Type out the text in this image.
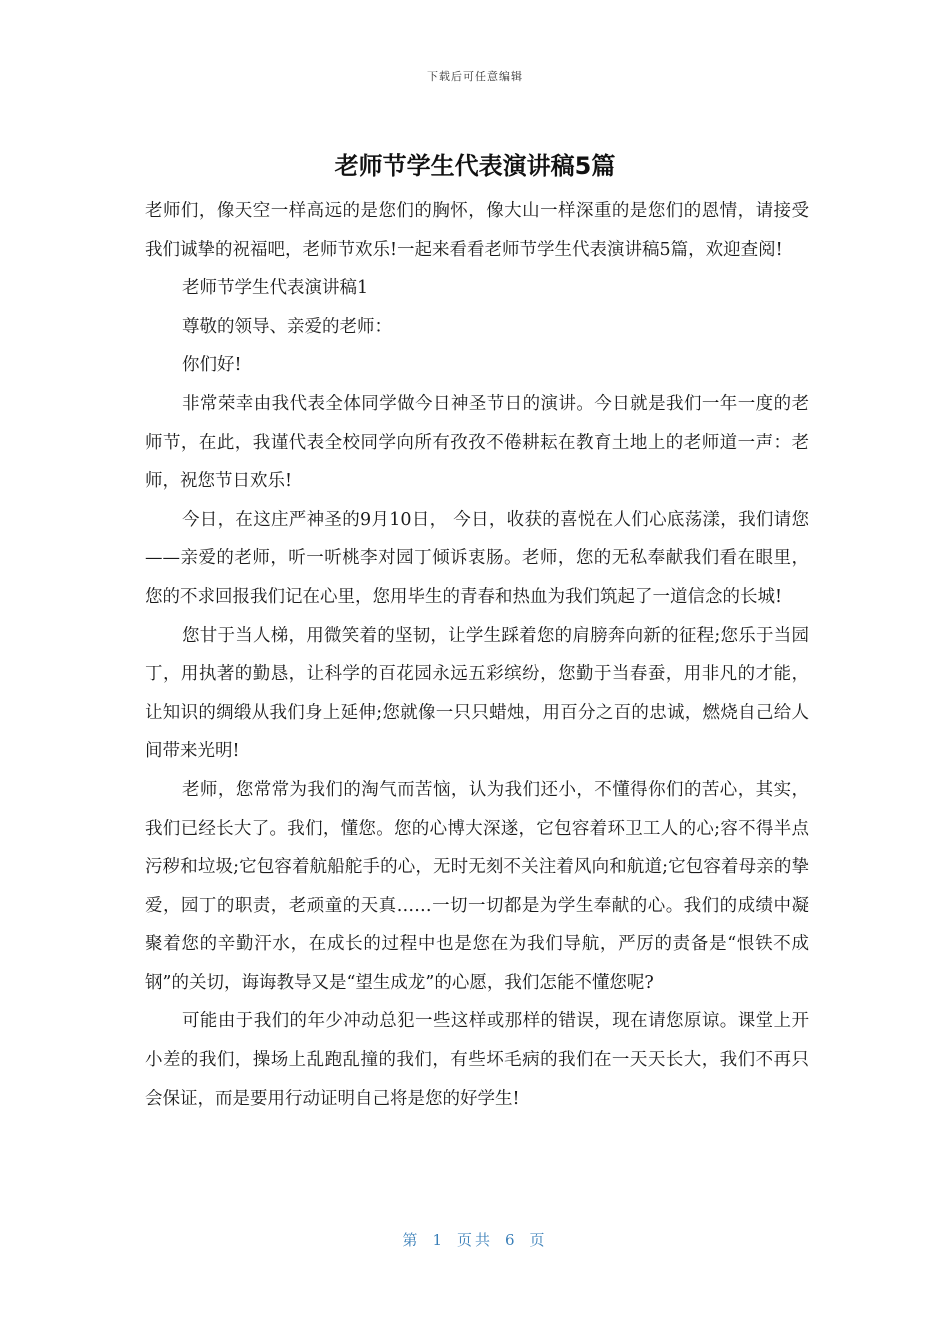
下载后可任意编辑
老师节学生代表演讲稿5篇

老师们，像天空一样高远的是您们的胸怀，像大山一样深重的是您们的恩情，请接受我们诚挚的祝福吧，老师节欢乐!一起来看看老师节学生代表演讲稿5篇，欢迎查阅!

老师节学生代表演讲稿1

尊敬的领导、亲爱的老师：

你们好!

非常荣幸由我代表全体同学做今日神圣节日的演讲。今日就是我们一年一度的老师节，在此，我谨代表全校同学向所有孜孜不倦耕耘在教育土地上的老师道一声：老师，祝您节日欢乐!

今日，在这庄严神圣的9月10日， 今日，收获的喜悦在人们心底荡漾，我们请您——亲爱的老师，听一听桃李对园丁倾诉衷肠。老师，您的无私奉献我们看在眼里，您的不求回报我们记在心里，您用毕生的青春和热血为我们筑起了一道信念的长城!

您甘于当人梯，用微笑着的坚韧，让学生踩着您的肩膀奔向新的征程;您乐于当园丁，用执著的勤恳，让科学的百花园永远五彩缤纷，您勤于当春蚕，用非凡的才能，让知识的绸缎从我们身上延伸;您就像一只只蜡烛，用百分之百的忠诚，燃烧自己给人间带来光明!

老师，您常常为我们的淘气而苦恼，认为我们还小，不懂得你们的苦心，其实，我们已经长大了。我们，懂您。您的心博大深遂，它包容着环卫工人的心;容不得半点污秽和垃圾;它包容着航船舵手的心，无时无刻不关注着风向和航道;它包容着母亲的挚爱，园丁的职责，老顽童的天真……一切一切都是为学生奉献的心。我们的成绩中凝聚着您的辛勤汗水，在成长的过程中也是您在为我们导航，严厉的责备是“恨铁不成钢”的关切，诲诲教导又是“望生成龙”的心愿，我们怎能不懂您呢?

可能由于我们的年少冲动总犯一些这样或那样的错误，现在请您原谅。课堂上开小差的我们，操场上乱跑乱撞的我们，有些坏毛病的我们在一天天长大，我们不再只会保证，而是要用行动证明自己将是您的好学生!

第 1 页共 6 页
